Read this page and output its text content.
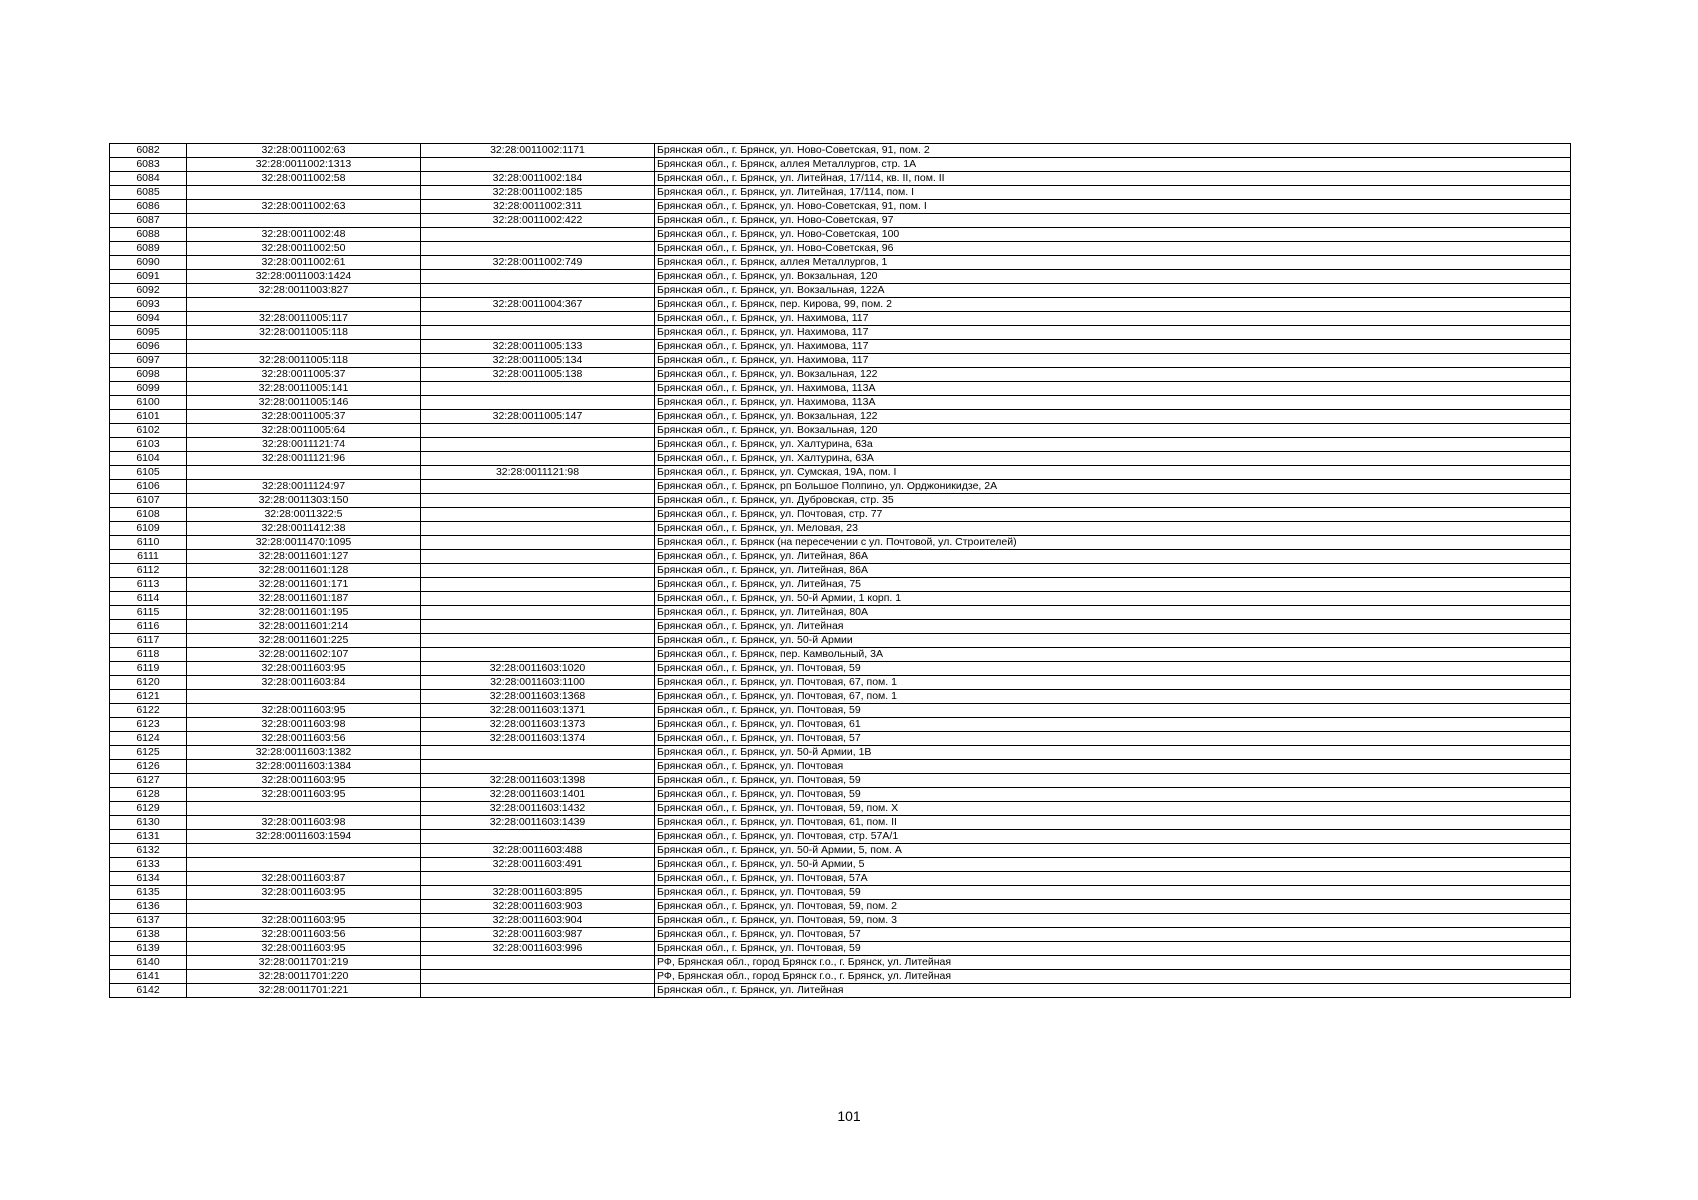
6082	32:28:0011002:63	32:28:0011002:1171	Брянская обл., г. Брянск, ул. Ново-Советская, 91, пом. 2
6083	32:28:0011002:1313		Брянская обл., г. Брянск, аллея Металлургов, стр. 1А
6084	32:28:0011002:58	32:28:0011002:184	Брянская обл., г. Брянск, ул. Литейная, 17/114, кв. II, пом. II
6085		32:28:0011002:185	Брянская обл., г. Брянск, ул. Литейная, 17/114, пом. I
6086	32:28:0011002:63	32:28:0011002:311	Брянская обл., г. Брянск, ул. Ново-Советская, 91, пом. I
6087		32:28:0011002:422	Брянская обл., г. Брянск, ул. Ново-Советская, 97
6088	32:28:0011002:48		Брянская обл., г. Брянск, ул. Ново-Советская, 100
6089	32:28:0011002:50		Брянская обл., г. Брянск, ул. Ново-Советская, 96
6090	32:28:0011002:61	32:28:0011002:749	Брянская обл., г. Брянск, аллея Металлургов, 1
6091	32:28:0011003:1424		Брянская обл., г. Брянск, ул. Вокзальная, 120
6092	32:28:0011003:827		Брянская обл., г. Брянск, ул. Вокзальная, 122А
6093		32:28:0011004:367	Брянская обл., г. Брянск, пер. Кирова, 99, пом. 2
6094	32:28:0011005:117		Брянская обл., г. Брянск, ул. Нахимова, 117
6095	32:28:0011005:118		Брянская обл., г. Брянск, ул. Нахимова, 117
6096		32:28:0011005:133	Брянская обл., г. Брянск, ул. Нахимова, 117
6097	32:28:0011005:118	32:28:0011005:134	Брянская обл., г. Брянск, ул. Нахимова, 117
6098	32:28:0011005:37	32:28:0011005:138	Брянская обл., г. Брянск, ул. Вокзальная, 122
6099	32:28:0011005:141		Брянская обл., г. Брянск, ул. Нахимова, 113А
6100	32:28:0011005:146		Брянская обл., г. Брянск, ул. Нахимова, 113А
6101	32:28:0011005:37	32:28:0011005:147	Брянская обл., г. Брянск, ул. Вокзальная, 122
6102	32:28:0011005:64		Брянская обл., г. Брянск, ул. Вокзальная, 120
6103	32:28:0011121:74		Брянская обл., г. Брянск, ул. Халтурина, 63а
6104	32:28:0011121:96		Брянская обл., г. Брянск, ул. Халтурина, 63А
6105		32:28:0011121:98	Брянская обл., г. Брянск, ул. Сумская, 19А, пом. I
6106	32:28:0011124:97		Брянская обл., г. Брянск, рп Большое Полпино, ул. Орджоникидзе, 2А
6107	32:28:0011303:150		Брянская обл., г. Брянск, ул. Дубровская, стр. 35
6108	32:28:0011322:5		Брянская обл., г. Брянск, ул. Почтовая, стр. 77
6109	32:28:0011412:38		Брянская обл., г. Брянск, ул. Меловая, 23
6110	32:28:0011470:1095		Брянская обл., г. Брянск (на пересечении с ул. Почтовой, ул. Строителей)
6111	32:28:0011601:127		Брянская обл., г. Брянск, ул. Литейная, 86А
6112	32:28:0011601:128		Брянская обл., г. Брянск, ул. Литейная, 86А
6113	32:28:0011601:171		Брянская обл., г. Брянск, ул. Литейная, 75
6114	32:28:0011601:187		Брянская обл., г. Брянск, ул. 50-й Армии, 1 корп. 1
6115	32:28:0011601:195		Брянская обл., г. Брянск, ул. Литейная, 80А
6116	32:28:0011601:214		Брянская обл., г. Брянск, ул. Литейная
6117	32:28:0011601:225		Брянская обл., г. Брянск, ул. 50-й Армии
6118	32:28:0011602:107		Брянская обл., г. Брянск, пер. Камвольный, 3А
6119	32:28:0011603:95	32:28:0011603:1020	Брянская обл., г. Брянск, ул. Почтовая, 59
6120	32:28:0011603:84	32:28:0011603:1100	Брянская обл., г. Брянск, ул. Почтовая, 67, пом. 1
6121		32:28:0011603:1368	Брянская обл., г. Брянск, ул. Почтовая, 67, пом. 1
6122	32:28:0011603:95	32:28:0011603:1371	Брянская обл., г. Брянск, ул. Почтовая, 59
6123	32:28:0011603:98	32:28:0011603:1373	Брянская обл., г. Брянск, ул. Почтовая, 61
6124	32:28:0011603:56	32:28:0011603:1374	Брянская обл., г. Брянск, ул. Почтовая, 57
6125	32:28:0011603:1382		Брянская обл., г. Брянск, ул. 50-й Армии, 1В
6126	32:28:0011603:1384		Брянская обл., г. Брянск, ул. Почтовая
6127	32:28:0011603:95	32:28:0011603:1398	Брянская обл., г. Брянск, ул. Почтовая, 59
6128	32:28:0011603:95	32:28:0011603:1401	Брянская обл., г. Брянск, ул. Почтовая, 59
6129		32:28:0011603:1432	Брянская обл., г. Брянск, ул. Почтовая, 59, пом. X
6130	32:28:0011603:98	32:28:0011603:1439	Брянская обл., г. Брянск, ул. Почтовая, 61, пом. II
6131	32:28:0011603:1594		Брянская обл., г. Брянск, ул. Почтовая, стр. 57А/1
6132		32:28:0011603:488	Брянская обл., г. Брянск, ул. 50-й Армии, 5, пом. А
6133		32:28:0011603:491	Брянская обл., г. Брянск, ул. 50-й Армии, 5
6134	32:28:0011603:87		Брянская обл., г. Брянск, ул. Почтовая, 57А
6135	32:28:0011603:95	32:28:0011603:895	Брянская обл., г. Брянск, ул. Почтовая, 59
6136		32:28:0011603:903	Брянская обл., г. Брянск, ул. Почтовая, 59, пом. 2
6137	32:28:0011603:95	32:28:0011603:904	Брянская обл., г. Брянск, ул. Почтовая, 59, пом. 3
6138	32:28:0011603:56	32:28:0011603:987	Брянская обл., г. Брянск, ул. Почтовая, 57
6139	32:28:0011603:95	32:28:0011603:996	Брянская обл., г. Брянск, ул. Почтовая, 59
6140	32:28:0011701:219		РФ, Брянская обл., город Брянск г.о., г. Брянск, ул. Литейная
6141	32:28:0011701:220		РФ, Брянская обл., город Брянск г.о., г. Брянск, ул. Литейная
6142	32:28:0011701:221		Брянская обл., г. Брянск, ул. Литейная
101
